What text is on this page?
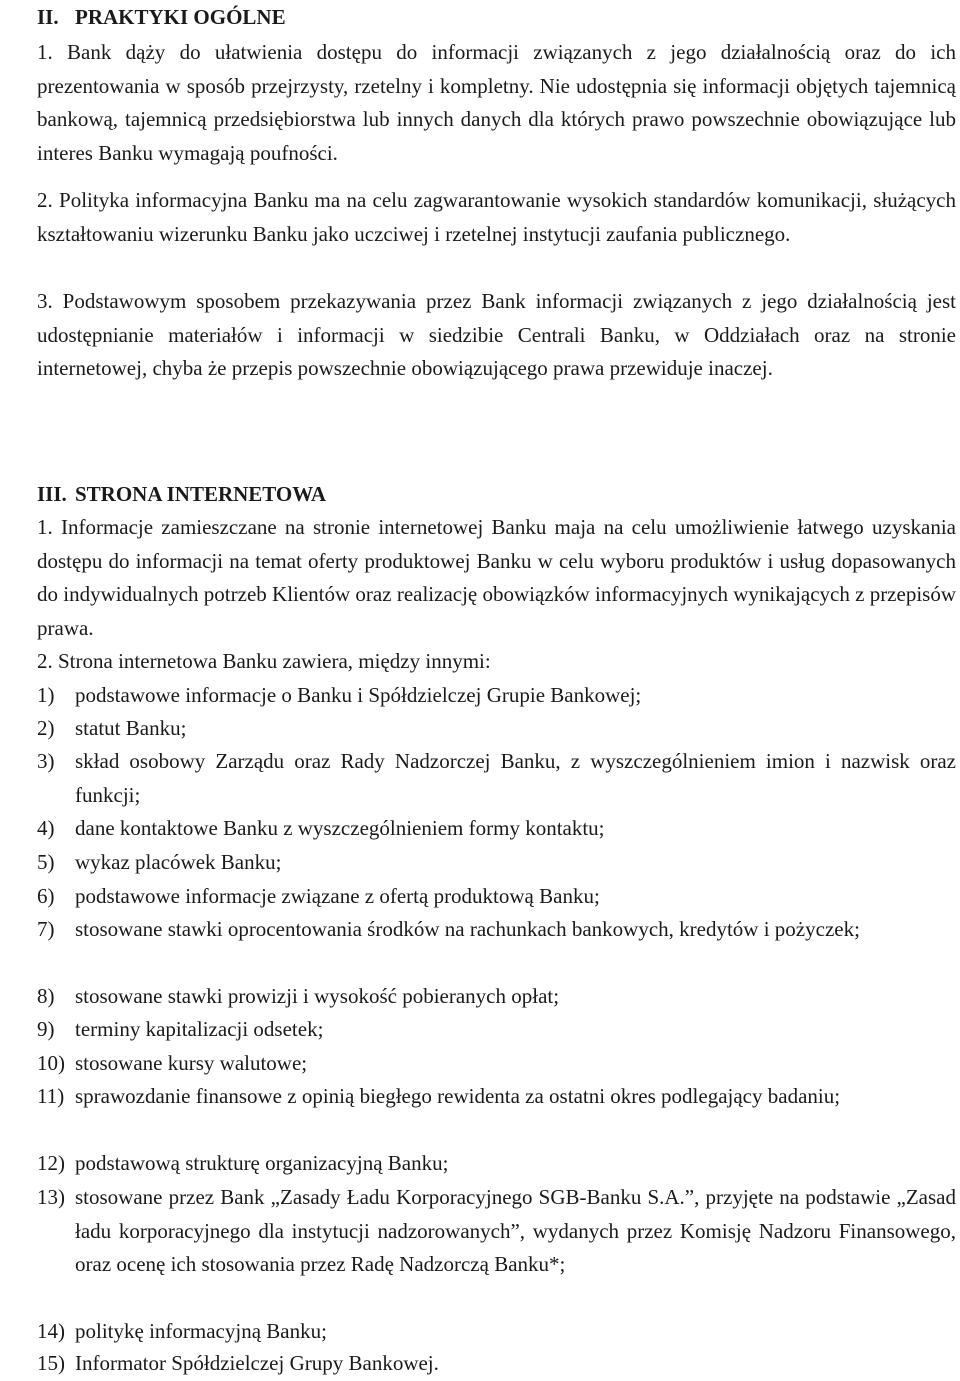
II. PRAKTYKI OGÓLNE
1. Bank dąży do ułatwienia dostępu do informacji związanych z jego działalnością oraz do ich prezentowania w sposób przejrzysty, rzetelny i kompletny. Nie udostępnia się informacji objętych tajemnicą bankową, tajemnicą przedsiębiorstwa lub innych danych dla których prawo powszechnie obowiązujące lub interes Banku wymagają poufności.
2. Polityka informacyjna Banku ma na celu zagwarantowanie wysokich standardów komunikacji, służących kształtowaniu wizerunku Banku jako uczciwej i rzetelnej instytucji zaufania publicznego.
3. Podstawowym sposobem przekazywania przez Bank informacji związanych z jego działalnością jest udostępnianie materiałów i informacji w siedzibie Centrali Banku, w Oddziałach oraz na stronie internetowej, chyba że przepis powszechnie obowiązującego prawa przewiduje inaczej.
III. STRONA INTERNETOWA
1. Informacje zamieszczane na stronie internetowej Banku maja na celu umożliwienie łatwego uzyskania dostępu do informacji na temat oferty produktowej Banku w celu wyboru produktów i usług dopasowanych do indywidualnych potrzeb Klientów oraz realizację obowiązków informacyjnych wynikających z przepisów prawa.
2. Strona internetowa Banku zawiera, między innymi:
1) podstawowe informacje o Banku i Spółdzielczej Grupie Bankowej;
2) statut Banku;
3) skład osobowy Zarządu oraz Rady Nadzorczej Banku, z wyszczególnieniem imion i nazwisk oraz funkcji;
4) dane kontaktowe Banku z wyszczególnieniem formy kontaktu;
5) wykaz placówek Banku;
6) podstawowe informacje związane z ofertą produktową Banku;
7) stosowane stawki oprocentowania środków na rachunkach bankowych, kredytów i pożyczek;
8) stosowane stawki prowizji i wysokość pobieranych opłat;
9) terminy kapitalizacji odsetek;
10) stosowane kursy walutowe;
11) sprawozdanie finansowe z opinią biegłego rewidenta za ostatni okres podlegający badaniu;
12) podstawową strukturę organizacyjną Banku;
13) stosowane przez Bank „Zasady Ładu Korporacyjnego SGB-Banku S.A.”, przyjęte na podstawie „Zasad ładu korporacyjnego dla instytucji nadzorowanych”, wydanych przez Komisję Nadzoru Finansowego, oraz ocenę ich stosowania przez Radę Nadzorczą Banku*;
14) politykę informacyjną Banku;
15) Informator Spółdzielczej Grupy Bankowej.
